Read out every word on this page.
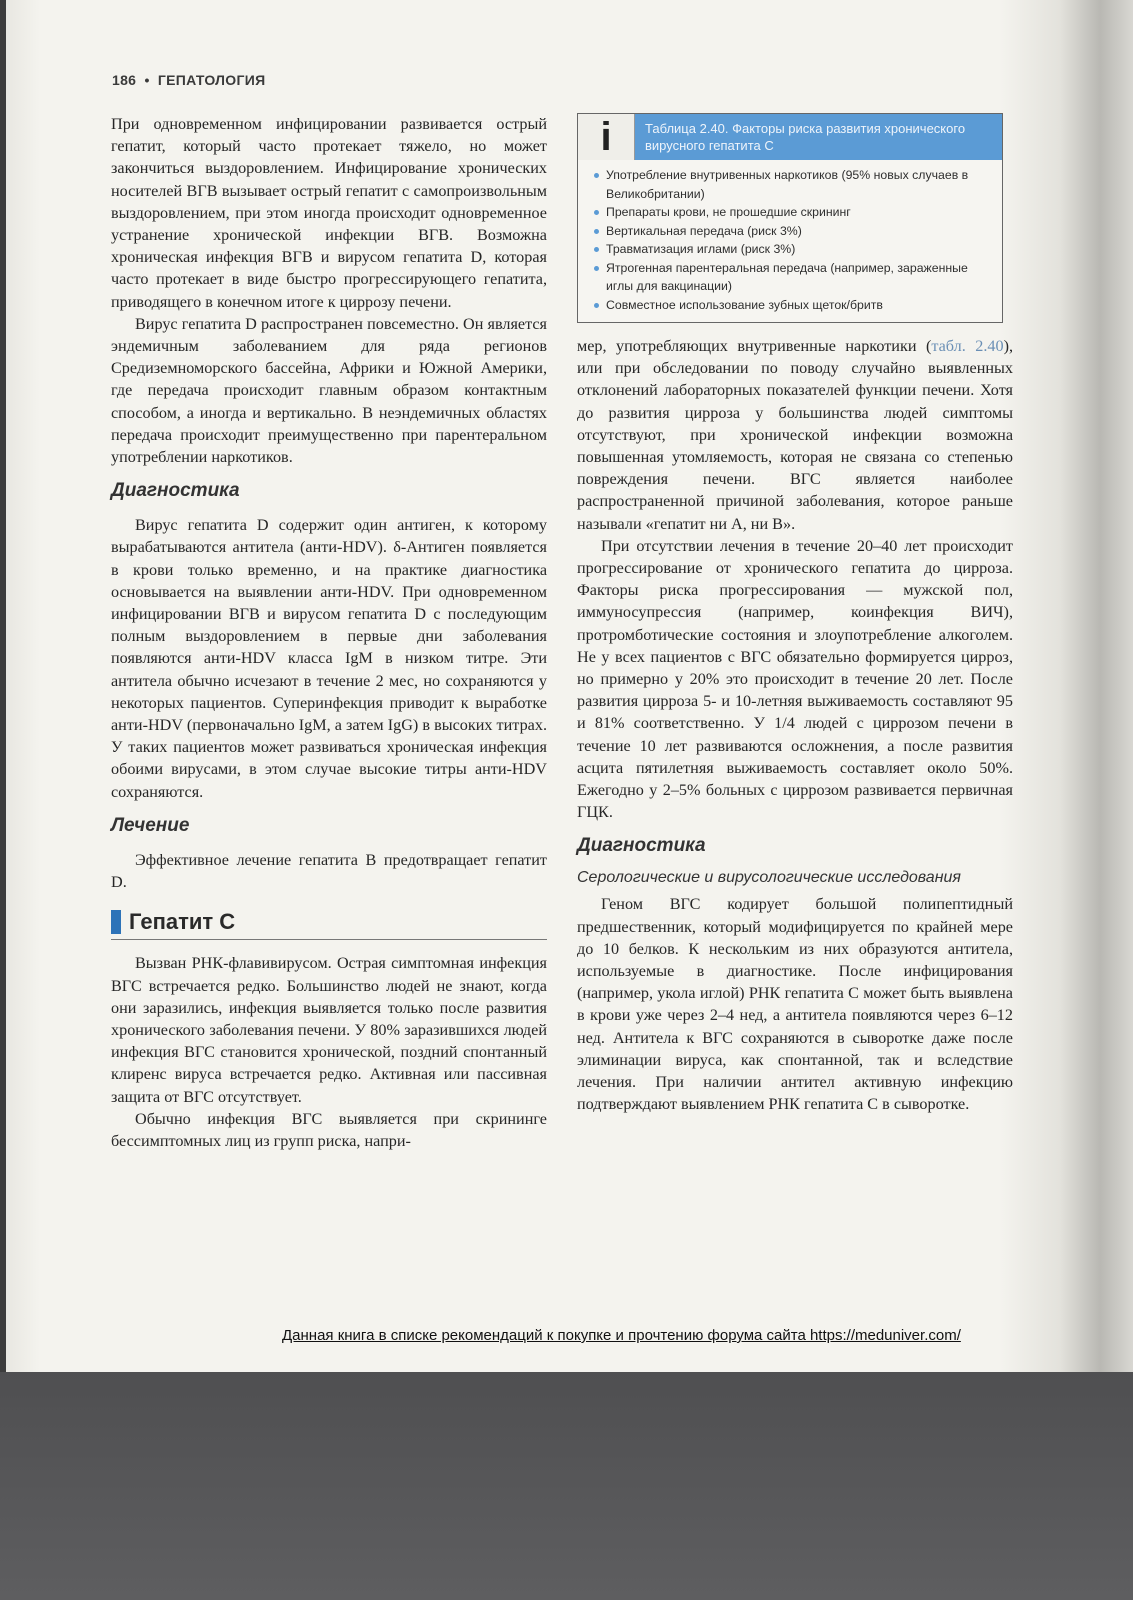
186 • ГЕПАТОЛОГИЯ

При одновременном инфицировании развивается острый гепатит, который часто протекает тяжело, но может закончиться выздоровлением. Инфицирование хронических носителей ВГВ вызывает острый гепатит с самопроизвольным выздоровлением, при этом иногда происходит одновременное устранение хронической инфекции ВГВ. Возможна хроническая инфекция ВГВ и вирусом гепатита D, которая часто протекает в виде быстро прогрессирующего гепатита, приводящего в конечном итоге к циррозу печени.

Вирус гепатита D распространен повсеместно. Он является эндемичным заболеванием для ряда регионов Средиземноморского бассейна, Африки и Южной Америки, где передача происходит главным образом контактным способом, а иногда и вертикально. В неэндемичных областях передача происходит преимущественно при парентеральном употреблении наркотиков.

Диагностика

Вирус гепатита D содержит один антиген, к которому вырабатываются антитела (анти-HDV). δ-Антиген появляется в крови только временно, и на практике диагностика основывается на выявлении анти-HDV. При одновременном инфицировании ВГВ и вирусом гепатита D с последующим полным выздоровлением в первые дни заболевания появляются анти-HDV класса IgM в низком титре. Эти антитела обычно исчезают в течение 2 мес, но сохраняются у некоторых пациентов. Суперинфекция приводит к выработке анти-HDV (первоначально IgM, а затем IgG) в высоких титрах. У таких пациентов может развиваться хроническая инфекция обоими вирусами, в этом случае высокие титры анти-HDV сохраняются.

Лечение

Эффективное лечение гепатита B предотвращает гепатит D.

Гепатит C

Вызван РНК-флавивирусом. Острая симптомная инфекция ВГС встречается редко. Большинство людей не знают, когда они заразились, инфекция выявляется только после развития хронического заболевания печени. У 80% заразившихся людей инфекция ВГС становится хронической, поздний спонтанный клиренс вируса встречается редко. Активная или пассивная защита от ВГС отсутствует.

Обычно инфекция ВГС выявляется при скрининге бессимптомных лиц из групп риска, напри-

i	Таблица 2.40. Факторы риска развития хронического вирусного гепатита C
Употребление внутривенных наркотиков (95% новых случаев в Великобритании)
Препараты крови, не прошедшие скрининг
Вертикальная передача (риск 3%)
Травматизация иглами (риск 3%)
Ятрогенная парентеральная передача (например, зараженные иглы для вакцинации)
Совместное использование зубных щеток/бритв

мер, употребляющих внутривенные наркотики (табл. 2.40), или при обследовании по поводу случайно выявленных отклонений лабораторных показателей функции печени. Хотя до развития цирроза у большинства людей симптомы отсутствуют, при хронической инфекции возможна повышенная утомляемость, которая не связана со степенью повреждения печени. ВГС является наиболее распространенной причиной заболевания, которое раньше называли «гепатит ни A, ни B».

При отсутствии лечения в течение 20–40 лет происходит прогрессирование от хронического гепатита до цирроза. Факторы риска прогрессирования — мужской пол, иммуносупрессия (например, коинфекция ВИЧ), протромботические состояния и злоупотребление алкоголем. Не у всех пациентов с ВГС обязательно формируется цирроз, но примерно у 20% это происходит в течение 20 лет. После развития цирроза 5- и 10-летняя выживаемость составляют 95 и 81% соответственно. У 1/4 людей с циррозом печени в течение 10 лет развиваются осложнения, а после развития асцита пятилетняя выживаемость составляет около 50%. Ежегодно у 2–5% больных с циррозом развивается первичная ГЦК.

Диагностика
Серологические и вирусологические исследования

Геном ВГС кодирует большой полипептидный предшественник, который модифицируется по крайней мере до 10 белков. К нескольким из них образуются антитела, используемые в диагностике. После инфицирования (например, укола иглой) РНК гепатита C может быть выявлена в крови уже через 2–4 нед, а антитела появляются через 6–12 нед. Антитела к ВГС сохраняются в сыворотке даже после элиминации вируса, как спонтанной, так и вследствие лечения. При наличии антител активную инфекцию подтверждают выявлением РНК гепатита C в сыворотке.

Данная книга в списке рекомендаций к покупке и прочтению форума сайта https://meduniver.com/
